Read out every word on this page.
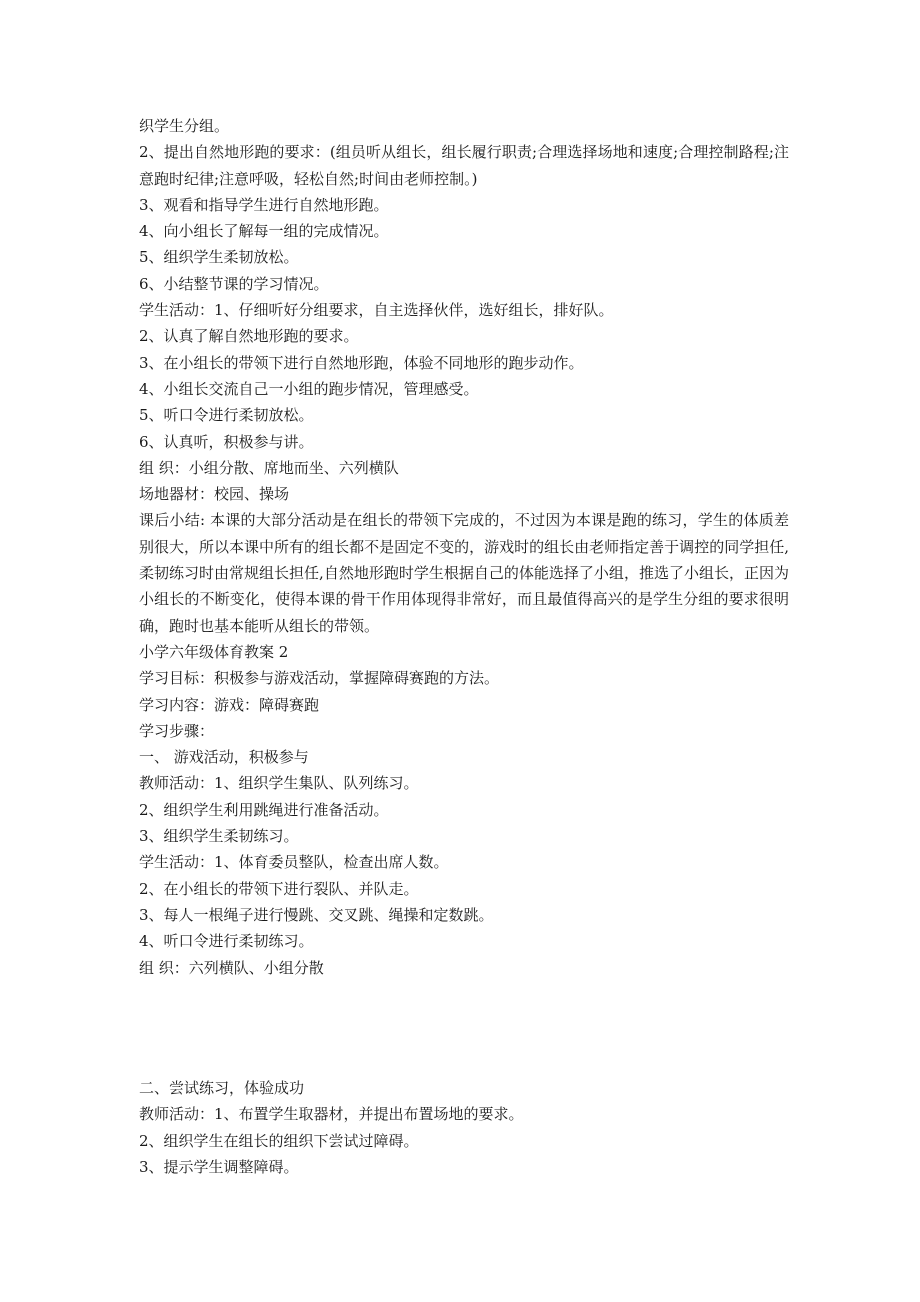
织学生分组。

2、提出自然地形跑的要求：(组员听从组长，组长履行职责;合理选择场地和速度;合理控制路程;注意跑时纪律;注意呼吸，轻松自然;时间由老师控制。)

3、观看和指导学生进行自然地形跑。

4、向小组长了解每一组的完成情况。

5、组织学生柔韧放松。

6、小结整节课的学习情况。

学生活动：1、仔细听好分组要求，自主选择伙伴，选好组长，排好队。

2、认真了解自然地形跑的要求。

3、在小组长的带领下进行自然地形跑，体验不同地形的跑步动作。

4、小组长交流自己一小组的跑步情况，管理感受。

5、听口令进行柔韧放松。

6、认真听，积极参与讲。

组 织：小组分散、席地而坐、六列横队

场地器材：校园、操场

课后小结: 本课的大部分活动是在组长的带领下完成的，不过因为本课是跑的练习，学生的体质差别很大，所以本课中所有的组长都不是固定不变的，游戏时的组长由老师指定善于调控的同学担任,柔韧练习时由常规组长担任,自然地形跑时学生根据自己的体能选择了小组，推选了小组长，正因为小组长的不断变化，使得本课的骨干作用体现得非常好，而且最值得高兴的是学生分组的要求很明确，跑时也基本能听从组长的带领。

小学六年级体育教案 2

学习目标：积极参与游戏活动，掌握障碍赛跑的方法。

学习内容：游戏：障碍赛跑

学习步骤：

一、 游戏活动，积极参与

教师活动：1、组织学生集队、队列练习。

2、组织学生利用跳绳进行准备活动。

3、组织学生柔韧练习。

学生活动：1、体育委员整队，检查出席人数。

2、在小组长的带领下进行裂队、并队走。

3、每人一根绳子进行慢跳、交叉跳、绳操和定数跳。

4、听口令进行柔韧练习。

组 织：六列横队、小组分散

二、尝试练习，体验成功

教师活动：1、布置学生取器材，并提出布置场地的要求。

2、组织学生在组长的组织下尝试过障碍。

3、提示学生调整障碍。
